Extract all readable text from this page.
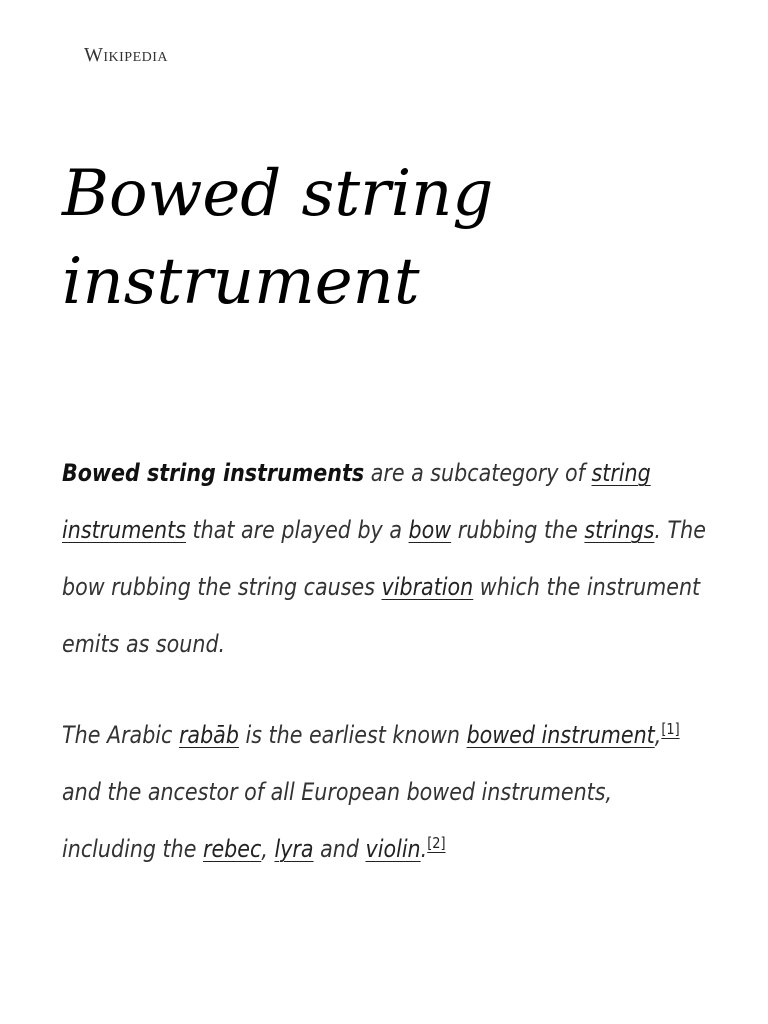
Wikipedia
Bowed string instrument

Bowed string instruments are a subcategory of string instruments that are played by a bow rubbing the strings. The bow rubbing the string causes vibration which the instrument emits as sound.

The Arabic rabāb is the earliest known bowed instrument,[1] and the ancestor of all European bowed instruments, including the rebec, lyra and violin.[2]
